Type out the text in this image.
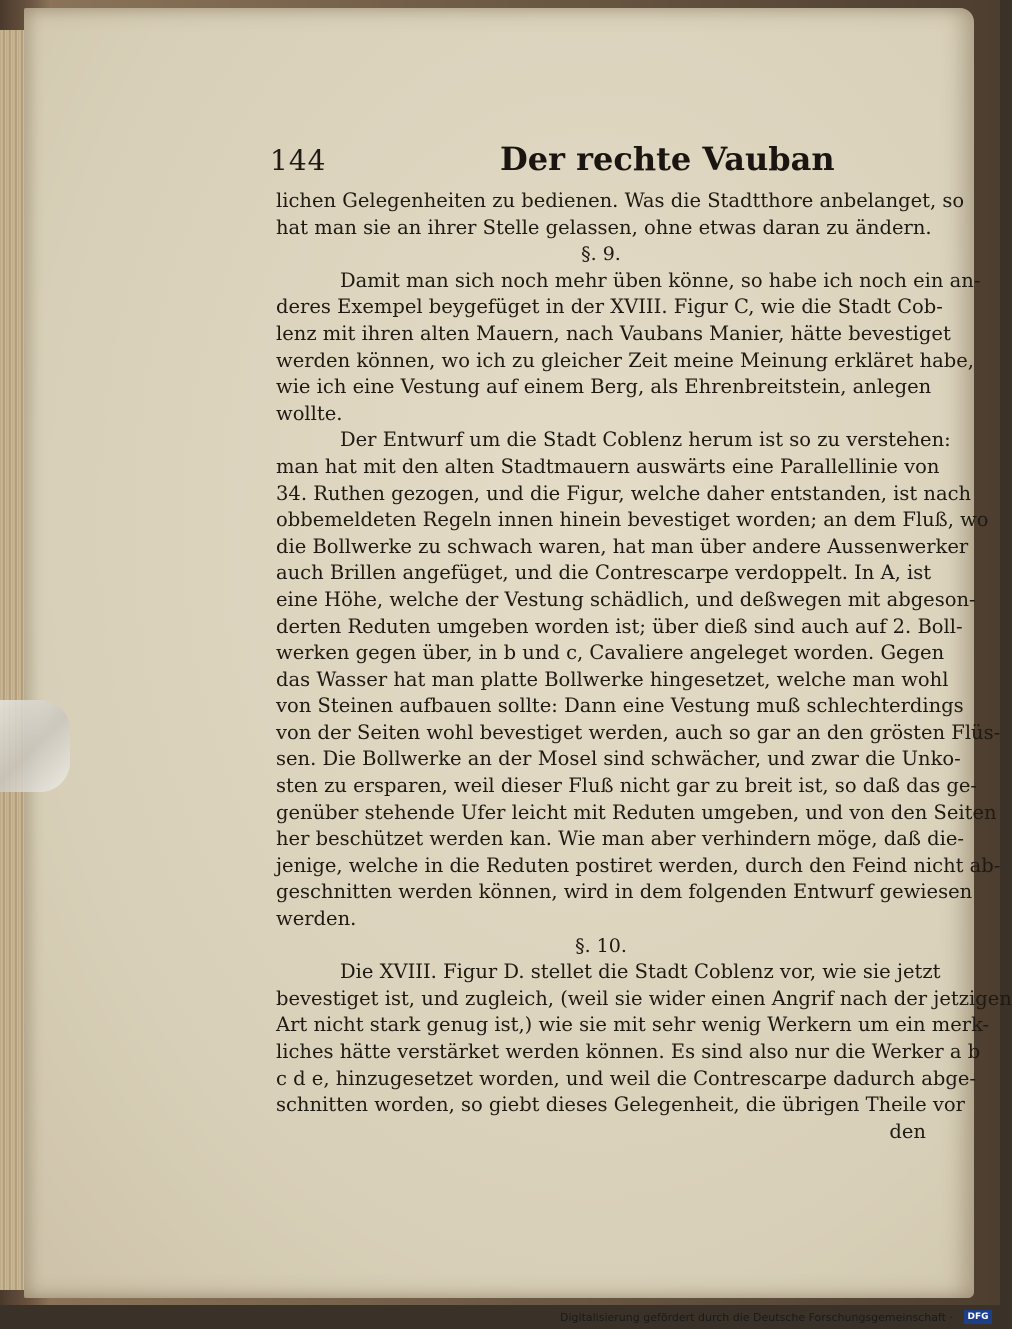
144	Der rechte Vauban
lichen Gelegenheiten zu bedienen. Was die Stadtthore anbelanget, so
hat man sie an ihrer Stelle gelassen, ohne etwas daran zu ändern.
§. 9.
Damit man sich noch mehr üben könne, so habe ich noch ein an-
deres Exempel beygefüget in der XVIII. Figur C, wie die Stadt Cob-
lenz mit ihren alten Mauern, nach Vaubans Manier, hätte bevestiget
werden können, wo ich zu gleicher Zeit meine Meinung erkläret habe,
wie ich eine Vestung auf einem Berg, als Ehrenbreitstein, anlegen
wollte.
Der Entwurf um die Stadt Coblenz herum ist so zu verstehen:
man hat mit den alten Stadtmauern auswärts eine Parallellinie von
34. Ruthen gezogen, und die Figur, welche daher entstanden, ist nach
obbemeldeten Regeln innen hinein bevestiget worden; an dem Fluß, wo
die Bollwerke zu schwach waren, hat man über andere Aussenwerker
auch Brillen angefüget, und die Contrescarpe verdoppelt. In A, ist
eine Höhe, welche der Vestung schädlich, und deßwegen mit abgeson-
derten Reduten umgeben worden ist; über dieß sind auch auf 2. Boll-
werken gegen über, in b und c, Cavaliere angeleget worden. Gegen
das Wasser hat man platte Bollwerke hingesetzet, welche man wohl
von Steinen aufbauen sollte: Dann eine Vestung muß schlechterdings
von der Seiten wohl bevestiget werden, auch so gar an den grösten Flüs-
sen. Die Bollwerke an der Mosel sind schwächer, und zwar die Unko-
sten zu ersparen, weil dieser Fluß nicht gar zu breit ist, so daß das ge-
genüber stehende Ufer leicht mit Reduten umgeben, und von den Seiten
her beschützet werden kan. Wie man aber verhindern möge, daß die-
jenige, welche in die Reduten postiret werden, durch den Feind nicht ab-
geschnitten werden können, wird in dem folgenden Entwurf gewiesen
werden.
§. 10.
Die XVIII. Figur D. stellet die Stadt Coblenz vor, wie sie jetzt
bevestiget ist, und zugleich, (weil sie wider einen Angrif nach der jetzigen
Art nicht stark genug ist,) wie sie mit sehr wenig Werkern um ein merk-
liches hätte verstärket werden können. Es sind also nur die Werker a b
c d e, hinzugesetzet worden, und weil die Contrescarpe dadurch abge-
schnitten worden, so giebt dieses Gelegenheit, die übrigen Theile vor
den
Digitalisierung gefördert durch die Deutsche Forschungsgemeinschaft ·	DFG
